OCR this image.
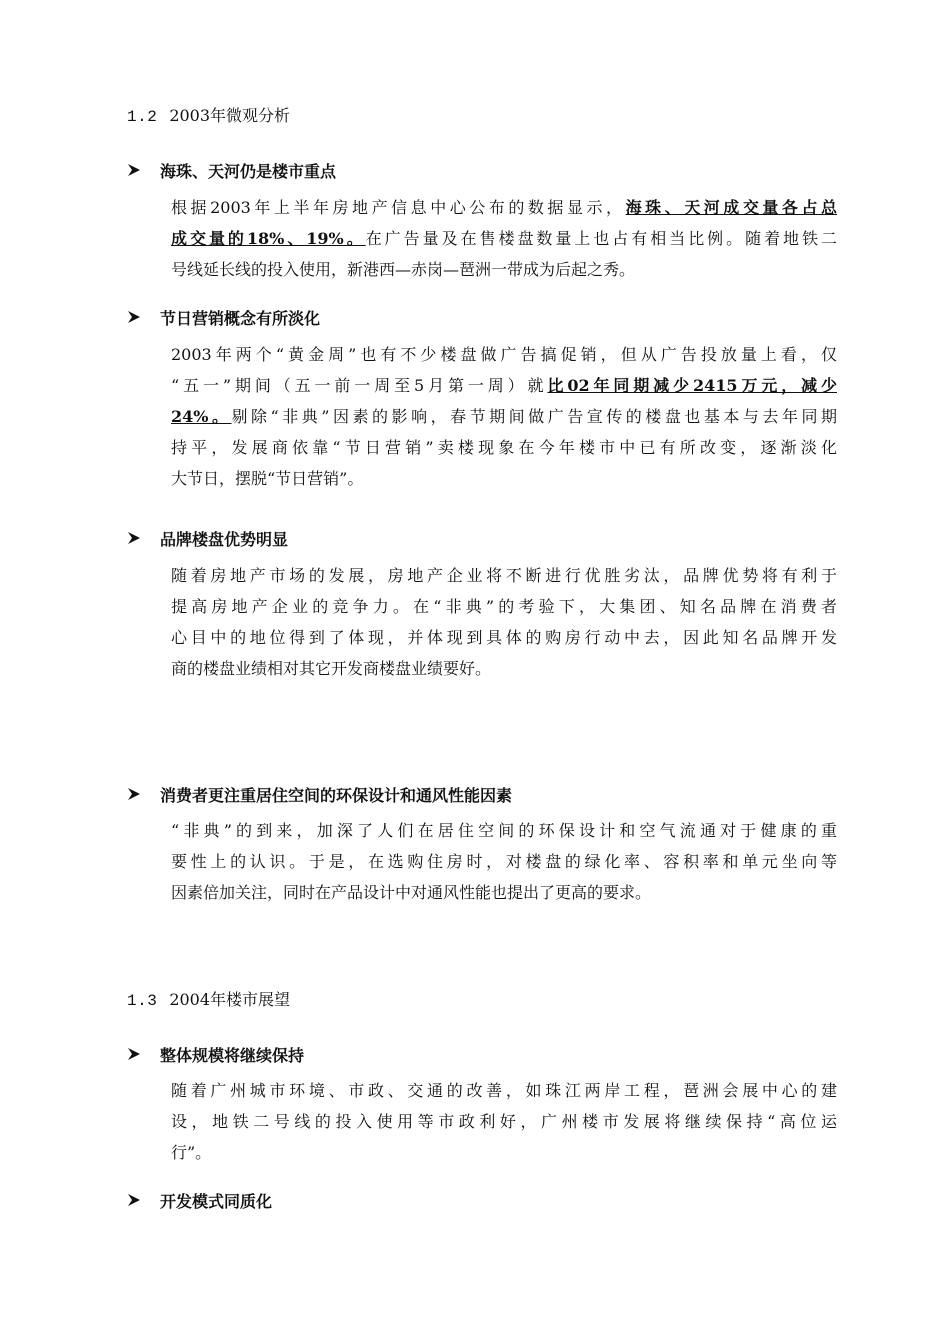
1.2 2003年微观分析
海珠、天河仍是楼市重点
根据2003年上半年房地产信息中心公布的数据显示，海珠、天河成交量各占总
成交量的18%、19%。在广告量及在售楼盘数量上也占有相当比例。随着地铁二
号线延长线的投入使用，新港西—赤岗—琶洲一带成为后起之秀。
节日营销概念有所淡化
2003年两个“黄金周”也有不少楼盘做广告搞促销，但从广告投放量上看，仅
“五一”期间（五一前一周至5月第一周）就比02年同期减少2415万元，减少
24%。剔除“非典”因素的影响，春节期间做广告宣传的楼盘也基本与去年同期
持平，发展商依靠“节日营销”卖楼现象在今年楼市中已有所改变，逐渐淡化
大节日，摆脱“节日营销”。
品牌楼盘优势明显
随着房地产市场的发展，房地产企业将不断进行优胜劣汰，品牌优势将有利于
提高房地产企业的竞争力。在“非典”的考验下，大集团、知名品牌在消费者
心目中的地位得到了体现，并体现到具体的购房行动中去，因此知名品牌开发
商的楼盘业绩相对其它开发商楼盘业绩要好。
消费者更注重居住空间的环保设计和通风性能因素
“非典”的到来，加深了人们在居住空间的环保设计和空气流通对于健康的重
要性上的认识。于是，在选购住房时，对楼盘的绿化率、容积率和单元坐向等
因素倍加关注，同时在产品设计中对通风性能也提出了更高的要求。
1.3 2004年楼市展望
整体规模将继续保持
随着广州城市环境、市政、交通的改善，如珠江两岸工程，琶洲会展中心的建
设，地铁二号线的投入使用等市政利好，广州楼市发展将继续保持“高位运
行”。
开发模式同质化
